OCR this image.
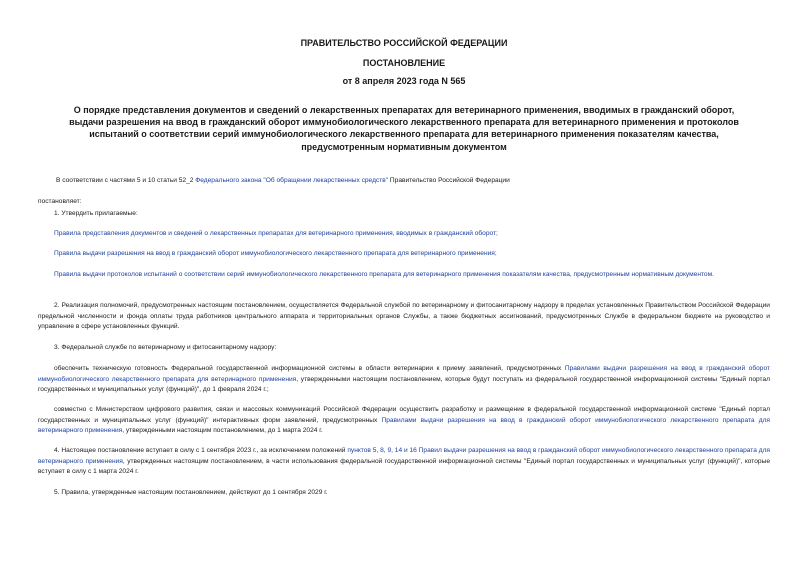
ПРАВИТЕЛЬСТВО РОССИЙСКОЙ ФЕДЕРАЦИИ
ПОСТАНОВЛЕНИЕ
от 8 апреля 2023 года N 565
О порядке представления документов и сведений о лекарственных препаратах для ветеринарного применения, вводимых в гражданский оборот, выдачи разрешения на ввод в гражданский оборот иммунобиологического лекарственного препарата для ветеринарного применения и протоколов испытаний о соответствии серий иммунобиологического лекарственного препарата для ветеринарного применения показателям качества, предусмотренным нормативным документом
В соответствии с частями 5 и 10 статьи 52_2 Федерального закона "Об обращении лекарственных средств" Правительство Российской Федерации
постановляет:
1. Утвердить прилагаемые:
Правила представления документов и сведений о лекарственных препаратах для ветеринарного применения, вводимых в гражданский оборот;
Правила выдачи разрешения на ввод в гражданский оборот иммунобиологического лекарственного препарата для ветеринарного применения;
Правила выдачи протоколов испытаний о соответствии серий иммунобиологического лекарственного препарата для ветеринарного применения показателям качества, предусмотренным нормативным документом.
2. Реализация полномочий, предусмотренных настоящим постановлением, осуществляется Федеральной службой по ветеринарному и фитосанитарному надзору в пределах установленных Правительством Российской Федерации предельной численности и фонда оплаты труда работников центрального аппарата и территориальных органов Службы, а также бюджетных ассигнований, предусмотренных Службе в федеральном бюджете на руководство и управление в сфере установленных функций.
3. Федеральной службе по ветеринарному и фитосанитарному надзору:
обеспечить техническую готовность Федеральной государственной информационной системы в области ветеринарии к приему заявлений, предусмотренных Правилами выдачи разрешения на ввод в гражданский оборот иммунобиологического лекарственного препарата для ветеринарного применения, утвержденными настоящим постановлением, которые будут поступать из федеральной государственной информационной системы "Единый портал государственных и муниципальных услуг (функций)", до 1 февраля 2024 г.;
совместно с Министерством цифрового развития, связи и массовых коммуникаций Российской Федерации осуществить разработку и размещение в федеральной государственной информационной системе "Единый портал государственных и муниципальных услуг (функций)" интерактивных форм заявлений, предусмотренных Правилами выдачи разрешения на ввод в гражданский оборот иммунобиологического лекарственного препарата для ветеринарного применения, утвержденными настоящим постановлением, до 1 марта 2024 г.
4. Настоящее постановление вступает в силу с 1 сентября 2023 г., за исключением положений пунктов 5, 8, 9, 14 и 16 Правил выдачи разрешения на ввод в гражданский оборот иммунобиологического лекарственного препарата для ветеринарного применения, утвержденных настоящим постановлением, в части использования федеральной государственной информационной системы "Единый портал государственных и муниципальных услуг (функций)", которые вступает в силу с 1 марта 2024 г.
5. Правила, утвержденные настоящим постановлением, действуют до 1 сентября 2029 г.
